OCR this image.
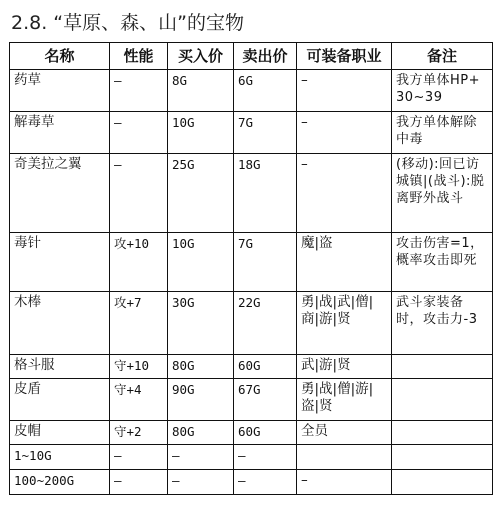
2.8. “草原、森、山”的宝物
名称	性能	买入价	卖出价	可装备职业	备注
药草	–	8G	6G	–	我方单体HP+30~39
解毒草	–	10G	7G	–	我方单体解除中毒
奇美拉之翼	–	25G	18G	–	(移动):回已访城镇|(战斗):脱离野外战斗
毒针	攻+10	10G	7G	魔|盗	攻击伤害=1，概率攻击即死
木棒	攻+7	30G	22G	勇|战|武|僧|商|游|贤	武斗家装备时，攻击力-3
格斗服	守+10	80G	60G	武|游|贤	
皮盾	守+4	90G	67G	勇|战|僧|游|盗|贤	
皮帽	守+2	80G	60G	全员	
1~10G	–	–	–		
100~200G	–	–	–	–	
